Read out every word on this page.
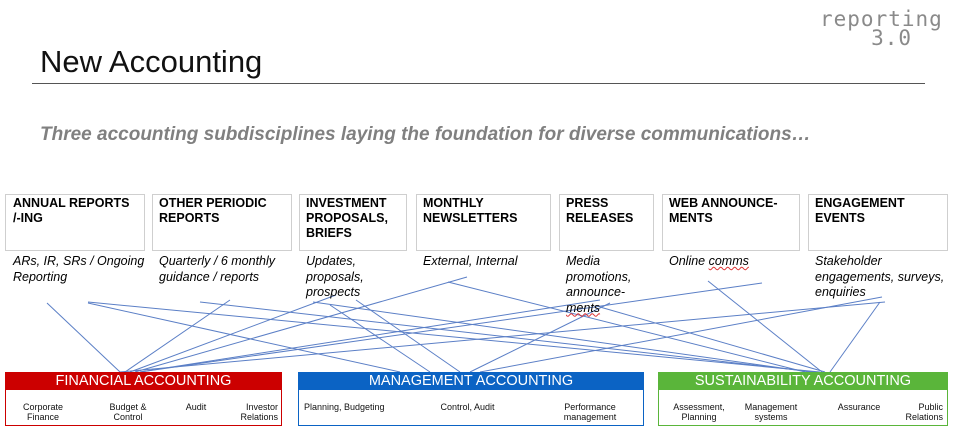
New Accounting
reporting
3.0
Three accounting subdisciplines laying the foundation for diverse communications…
ANNUAL REPORTS /-ING
OTHER PERIODIC REPORTS
INVESTMENT PROPOSALS, BRIEFS
MONTHLY NEWSLETTERS
PRESS RELEASES
WEB ANNOUNCE-MENTS
ENGAGEMENT EVENTS
ARs, IR, SRs / Ongoing Reporting
Quarterly / 6 monthly guidance / reports
Updates, proposals, prospects
External, Internal	Media promotions, announce-ments
Online comms	Stakeholder engagements, surveys, enquiries
FINANCIAL ACCOUNTING	MANAGEMENT ACCOUNTING	SUSTAINABILITY ACCOUNTING
Corporate Finance
Budget & Control
Audit	Investor Relations
Planning, Budgeting	Control, Audit	Performance management
Assessment, Planning
Management systems
Assurance	Public Relations
